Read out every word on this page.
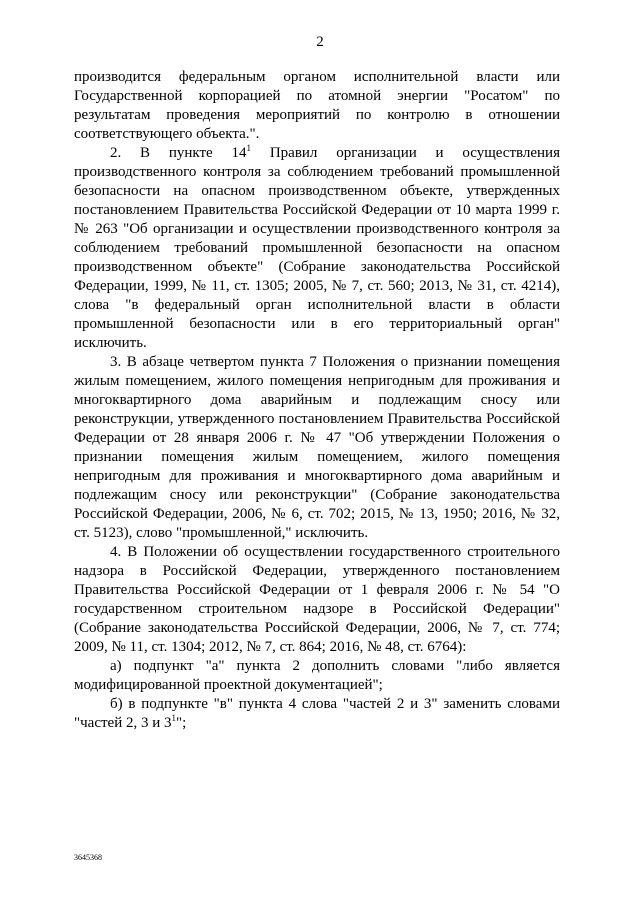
2

производится федеральным органом исполнительной власти или Государственной корпорацией по атомной энергии "Росатом" по результатам проведения мероприятий по контролю в отношении соответствующего объекта.".

2. В пункте $14^1$ Правил организации и осуществления производственного контроля за соблюдением требований промышленной безопасности на опасном производственном объекте, утвержденных постановлением Правительства Российской Федерации от 10 марта 1999 г. № 263 "Об организации и осуществлении производственного контроля за соблюдением требований промышленной безопасности на опасном производственном объекте" (Собрание законодательства Российской Федерации, 1999, № 11, ст. 1305; 2005, № 7, ст. 560; 2013, № 31, ст. 4214), слова "в федеральный орган исполнительной власти в области промышленной безопасности или в его территориальный орган" исключить.

3. В абзаце четвертом пункта 7 Положения о признании помещения жилым помещением, жилого помещения непригодным для проживания и многоквартирного дома аварийным и подлежащим сносу или реконструкции, утвержденного постановлением Правительства Российской Федерации от 28 января 2006 г. № 47 "Об утверждении Положения о признании помещения жилым помещением, жилого помещения непригодным для проживания и многоквартирного дома аварийным и подлежащим сносу или реконструкции" (Собрание законодательства Российской Федерации, 2006, № 6, ст. 702; 2015, № 13, 1950; 2016, № 32, ст. 5123), слово "промышленной," исключить.

4. В Положении об осуществлении государственного строительного надзора в Российской Федерации, утвержденного постановлением Правительства Российской Федерации от 1 февраля 2006 г. № 54 "О государственном строительном надзоре в Российской Федерации" (Собрание законодательства Российской Федерации, 2006, № 7, ст. 774; 2009, № 11, ст. 1304; 2012, № 7, ст. 864; 2016, № 48, ст. 6764):

а) подпункт "а" пункта 2 дополнить словами "либо является модифицированной проектной документацией";

б) в подпункте "в" пункта 4 слова "частей 2 и 3" заменить словами "частей 2, 3 и $3^1$";

3645368
